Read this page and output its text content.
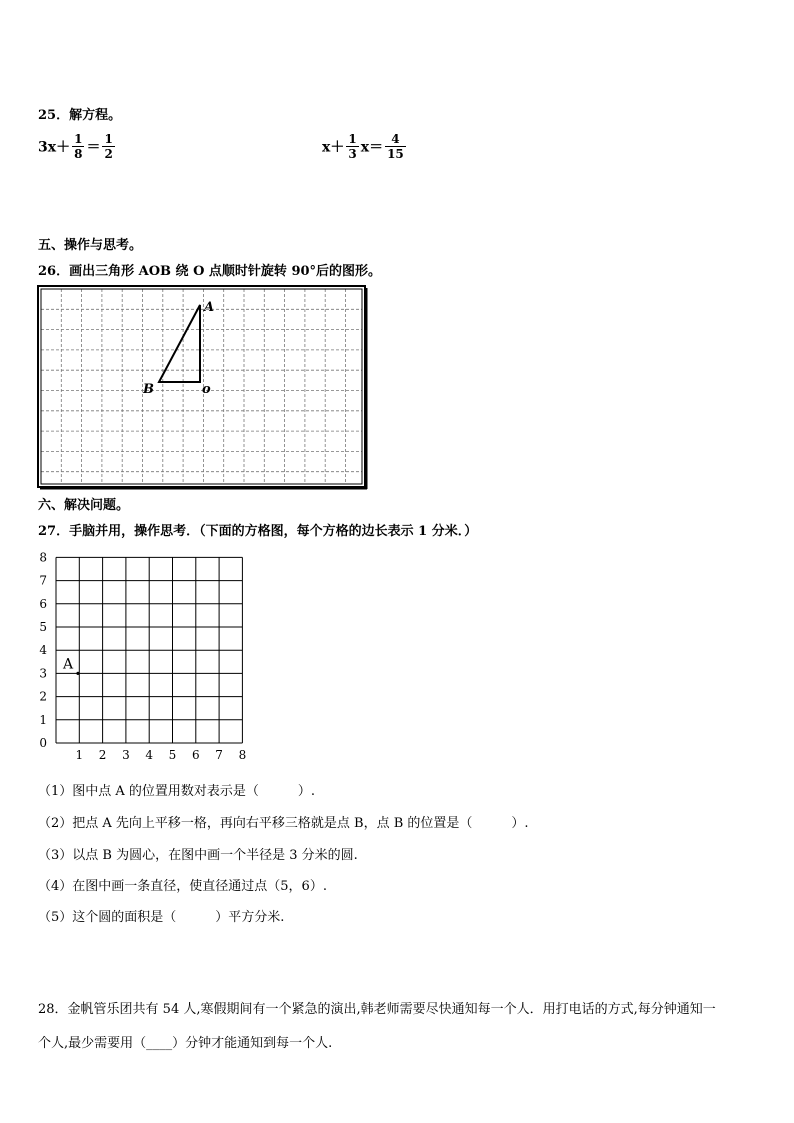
25．解方程。
$3x+ \frac{1}{8} = \frac{1}{2}$	$x+ \frac{1}{3} x= \frac{4}{15}$
五、操作与思考。
26．画出三角形 AOB 绕 O 点顺时针旋转 90°后的图形。
A
B	o
六、解决问题。
27．手脑并用，操作思考．（下面的方格图，每个方格的边长表示 1 分米．）
0
1
2
3
4
5
6
7
8
1 2 3 4 5 6 7 8
A
（1）图中点 A 的位置用数对表示是（　　　）.
（2）把点 A 先向上平移一格，再向右平移三格就是点 B，点 B 的位置是（　　　）.
（3）以点 B 为圆心，在图中画一个半径是 3 分米的圆.
（4）在图中画一条直径，使直径通过点（5，6）.
（5）这个圆的面积是（　　　）平方分米.
28．金帆管乐团共有 54 人,寒假期间有一个紧急的演出,韩老师需要尽快通知每一个人．用打电话的方式,每分钟通知一
个人,最少需要用（____）分钟才能通知到每一个人.
